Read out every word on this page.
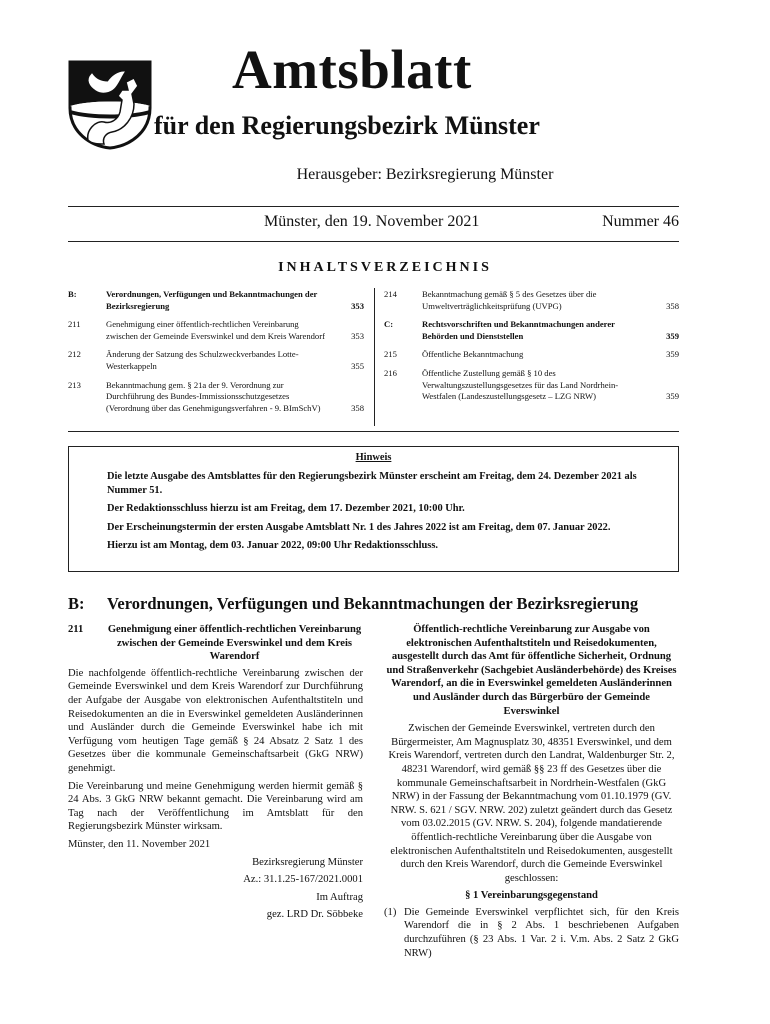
Amtsblatt
für den Regierungsbezirk Münster
Herausgeber: Bezirksregierung Münster
Münster, den 19. November 2021	Nummer 46
INHALTSVERZEICHNIS
B:	Verordnungen, Verfügungen und Bekanntmachungen der Bezirksregierung	353
211	Genehmigung einer öffentlich-rechtlichen Vereinbarung zwischen der Gemeinde Everswinkel und dem Kreis Warendorf	353
212	Änderung der Satzung des Schulzweckverbandes Lotte-Westerkappeln	355
213	Bekanntmachung gem. § 21a der 9. Verordnung zur Durchführung des Bundes-Immissionsschutzgesetzes (Verordnung über das Genehmigungsverfahren - 9. BImSchV)	358
214	Bekanntmachung gemäß § 5 des Gesetzes über die Umweltverträglichkeitsprüfung (UVPG)	358
C:	Rechtsvorschriften und Bekanntmachungen anderer Behörden und Dienststellen	359
215	Öffentliche Bekanntmachung	359
216	Öffentliche Zustellung gemäß § 10 des Verwaltungszustellungsgesetzes für das Land Nordrhein-Westfalen (Landeszustellungsgesetz – LZG NRW)	359
Hinweis
Die letzte Ausgabe des Amtsblattes für den Regierungsbezirk Münster erscheint am Freitag, dem 24. Dezember 2021 als Nummer 51.
Der Redaktionsschluss hierzu ist am Freitag, dem 17. Dezember 2021, 10:00 Uhr.
Der Erscheinungstermin der ersten Ausgabe Amtsblatt Nr. 1 des Jahres 2022 ist am Freitag, dem 07. Januar 2022.
Hierzu ist am Montag, dem 03. Januar 2022, 09:00 Uhr Redaktionsschluss.
B: Verordnungen, Verfügungen und Bekanntmachungen der Bezirksregierung
211	Genehmigung einer öffentlich-rechtlichen Vereinbarung zwischen der Gemeinde Everswinkel und dem Kreis Warendorf

Die nachfolgende öffentlich-rechtliche Vereinbarung zwischen der Gemeinde Everswinkel und dem Kreis Warendorf zur Durchführung der Aufgabe der Ausgabe von elektronischen Aufenthaltstiteln und Reisedokumenten an die in Everswinkel gemeldeten Ausländerinnen und Ausländer durch die Gemeinde Everswinkel habe ich mit Verfügung vom heutigen Tage gemäß § 24 Absatz 2 Satz 1 des Gesetzes über die kommunale Gemeinschaftsarbeit (GkG NRW) genehmigt.

Die Vereinbarung und meine Genehmigung werden hiermit gemäß § 24 Abs. 3 GkG NRW bekannt gemacht. Die Vereinbarung wird am Tag nach der Veröffentlichung im Amtsblatt für den Regierungsbezirk Münster wirksam.

Münster, den 11. November 2021

Bezirksregierung Münster

Az.: 31.1.25-167/2021.0001

Im Auftrag

gez. LRD Dr. Söbbeke

Öffentlich-rechtliche Vereinbarung zur Ausgabe von elektronischen Aufenthaltstiteln und Reisedokumenten, ausgestellt durch das Amt für öffentliche Sicherheit, Ordnung und Straßenverkehr (Sachgebiet Ausländerbehörde) des Kreises Warendorf, an die in Everswinkel gemeldeten Ausländerinnen und Ausländer durch das Bürgerbüro der Gemeinde Everswinkel

Zwischen der Gemeinde Everswinkel, vertreten durch den Bürgermeister, Am Magnusplatz 30, 48351 Everswinkel, und dem Kreis Warendorf, vertreten durch den Landrat, Waldenburger Str. 2, 48231 Warendorf, wird gemäß §§ 23 ff des Gesetzes über die kommunale Gemeinschaftsarbeit in Nordrhein-Westfalen (GkG NRW) in der Fassung der Bekanntmachung vom 01.10.1979 (GV. NRW. S. 621 / SGV. NRW. 202) zuletzt geändert durch das Gesetz vom 03.02.2015 (GV. NRW. S. 204), folgende mandatierende öffentlich-rechtliche Vereinbarung über die Ausgabe von elektronischen Aufenthaltstiteln und Reisedokumenten, ausgestellt durch den Kreis Warendorf, durch die Gemeinde Everswinkel geschlossen:

§ 1 Vereinbarungsgegenstand
(1) Die Gemeinde Everswinkel verpflichtet sich, für den Kreis Warendorf die in § 2 Abs. 1 beschriebenen Aufgaben durchzuführen (§ 23 Abs. 1 Var. 2 i. V.m. Abs. 2 Satz 2 GkG NRW)
